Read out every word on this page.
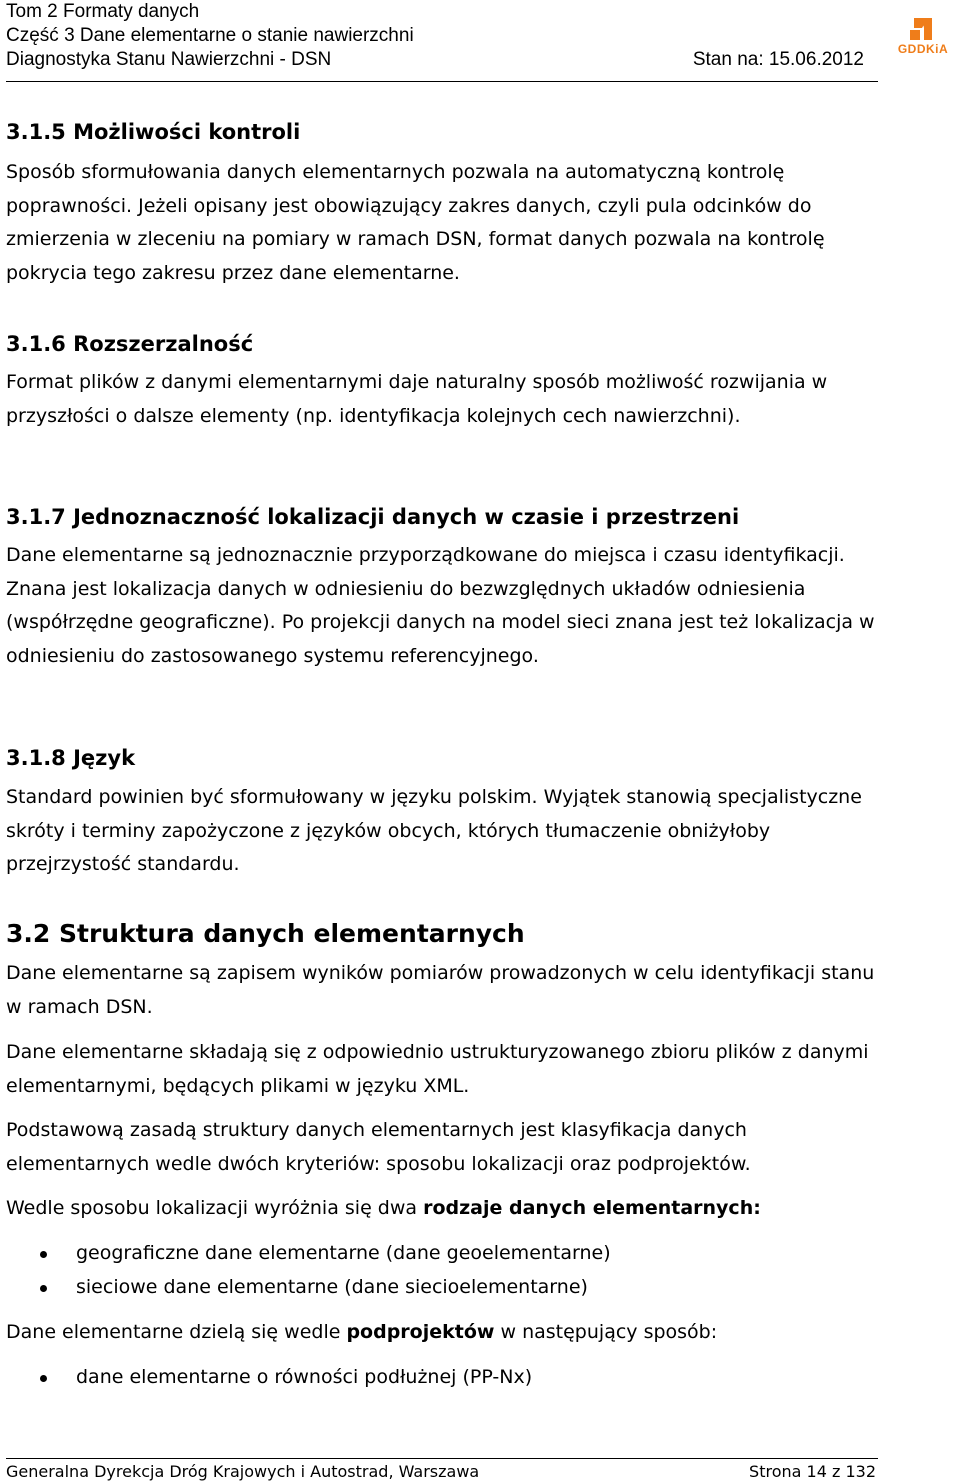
Tom 2 Formaty danych
Część 3 Dane elementarne o stanie nawierzchni
Diagnostyka Stanu Nawierzchni - DSN	Stan na: 15.06.2012	GDDKiA
3.1.5 Możliwości kontroli
Sposób sformułowania danych elementarnych pozwala na automatyczną kontrolę poprawności. Jeżeli opisany jest obowiązujący zakres danych, czyli pula odcinków do zmierzenia w zleceniu na pomiary w ramach DSN, format danych pozwala na kontrolę pokrycia tego zakresu przez dane elementarne.
3.1.6 Rozszerzalność
Format plików z danymi elementarnymi daje naturalny sposób możliwość rozwijania w przyszłości o dalsze elementy (np. identyfikacja kolejnych cech nawierzchni).
3.1.7 Jednoznaczność lokalizacji danych w czasie i przestrzeni
Dane elementarne są jednoznacznie przyporządkowane do miejsca i czasu identyfikacji. Znana jest lokalizacja danych w odniesieniu do bezwzględnych układów odniesienia (współrzędne geograficzne). Po projekcji danych na model sieci znana jest też lokalizacja w odniesieniu do zastosowanego systemu referencyjnego.
3.1.8 Język
Standard powinien być sformułowany w języku polskim. Wyjątek stanowią specjalistyczne skróty i terminy zapożyczone z języków obcych, których tłumaczenie obniżyłoby przejrzystość standardu.
3.2 Struktura danych elementarnych
Dane elementarne są zapisem wyników pomiarów prowadzonych w celu identyfikacji stanu w ramach DSN.
Dane elementarne składają się z odpowiednio ustrukturyzowanego zbioru plików z danymi elementarnymi, będących plikami w języku XML.
Podstawową zasadą struktury danych elementarnych jest klasyfikacja danych elementarnych wedle dwóch kryteriów: sposobu lokalizacji oraz podprojektów.
Wedle sposobu lokalizacji wyróżnia się dwa rodzaje danych elementarnych:
geograficzne dane elementarne (dane geoelementarne)
sieciowe dane elementarne (dane siecioelementarne)
Dane elementarne dzielą się wedle podprojektów w następujący sposób:
dane elementarne o równości podłużnej (PP-Nx)
Generalna Dyrekcja Dróg Krajowych i Autostrad, Warszawa	Strona 14 z 132
